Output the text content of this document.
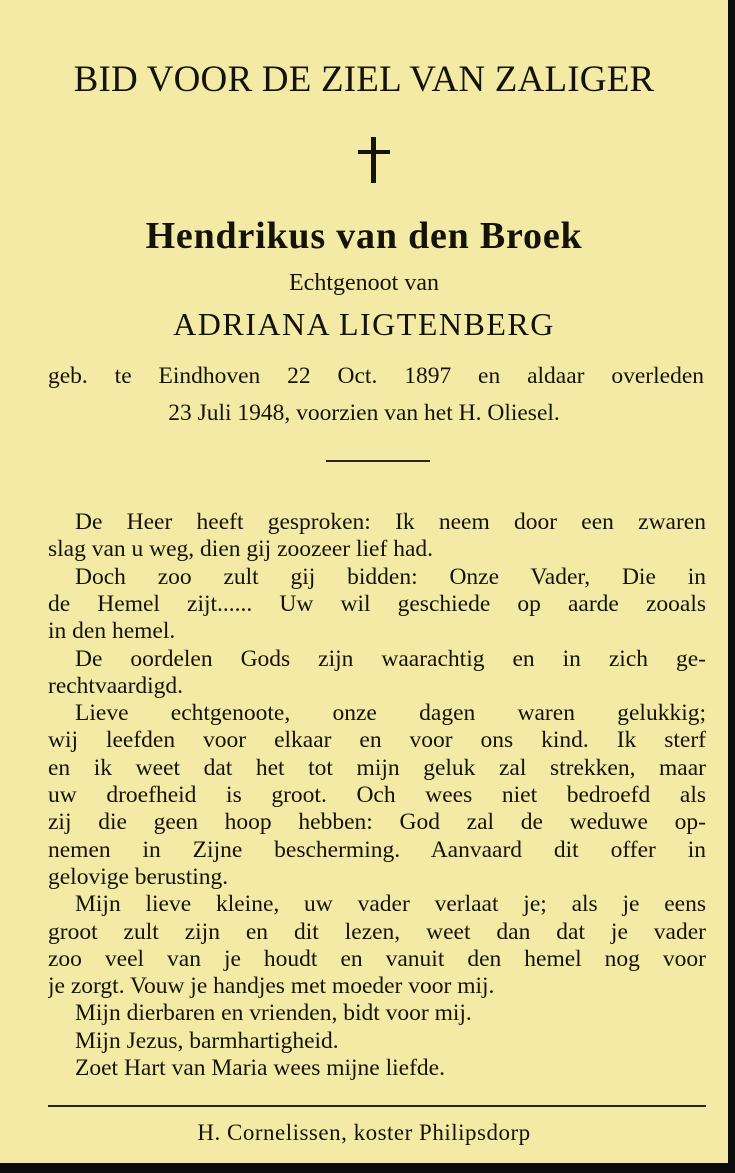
BID VOOR DE ZIEL VAN ZALIGER
Hendrikus van den Broek
Echtgenoot van
ADRIANA LIGTENBERG
geb. te Eindhoven 22 Oct. 1897 en aldaar overleden
23 Juli 1948, voorzien van het H. Oliesel.
De Heer heeft gesproken: Ik neem door een zwaren
slag van u weg, dien gij zoozeer lief had.
Doch zoo zult gij bidden: Onze Vader, Die in
de Hemel zijt...... Uw wil geschiede op aarde zooals
in den hemel.
De oordelen Gods zijn waarachtig en in zich ge-
rechtvaardigd.
Lieve echtgenoote, onze dagen waren gelukkig;
wij leefden voor elkaar en voor ons kind. Ik sterf
en ik weet dat het tot mijn geluk zal strekken, maar
uw droefheid is groot. Och wees niet bedroefd als
zij die geen hoop hebben: God zal de weduwe op-
nemen in Zijne bescherming. Aanvaard dit offer in
gelovige berusting.
Mijn lieve kleine, uw vader verlaat je; als je eens
groot zult zijn en dit lezen, weet dan dat je vader
zoo veel van je houdt en vanuit den hemel nog voor
je zorgt. Vouw je handjes met moeder voor mij.
Mijn dierbaren en vrienden, bidt voor mij.
Mijn Jezus, barmhartigheid.
Zoet Hart van Maria wees mijne liefde.
H. Cornelissen, koster Philipsdorp
